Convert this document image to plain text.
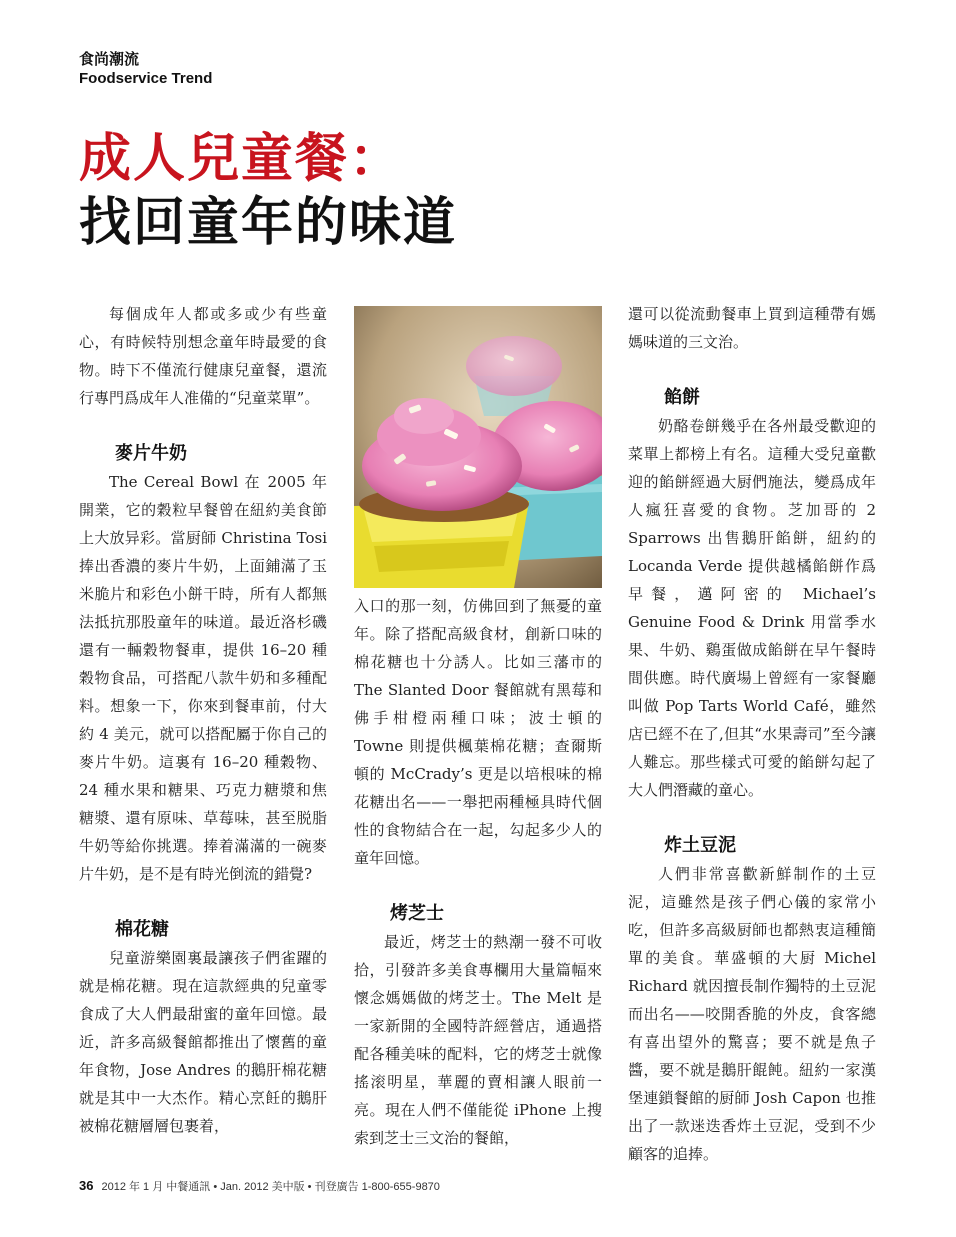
食尚潮流
Foodservice Trend
成人兒童餐：
找回童年的味道

每個成年人都或多或少有些童心，有時候特別想念童年時最愛的食物。時下不僅流行健康兒童餐，還流行專門爲成年人准備的“兒童菜單”。

麥片牛奶

The Cereal Bowl 在 2005 年開業，它的穀粒早餐曾在紐約美食節上大放异彩。當厨師 Christina Tosi 捧出香濃的麥片牛奶，上面鋪滿了玉米脆片和彩色小餅干時，所有人都無法抵抗那股童年的味道。最近洛杉磯還有一輛穀物餐車，提供 16–20 種穀物食品，可搭配八款牛奶和多種配料。想象一下，你來到餐車前，付大約 4 美元，就可以搭配屬于你自己的麥片牛奶。這裏有 16–20 種穀物、24 種水果和糖果、巧克力糖漿和焦糖漿、還有原味、草莓味，甚至脱脂牛奶等給你挑選。捧着滿滿的一碗麥片牛奶，是不是有時光倒流的錯覺?

棉花糖

兒童游樂園裏最讓孩子們雀躍的就是棉花糖。現在這款經典的兒童零食成了大人們最甜蜜的童年回憶。最近，許多高級餐館都推出了懷舊的童年食物，Jose Andres 的鵝肝棉花糖就是其中一大杰作。精心烹飪的鵝肝被棉花糖層層包裹着，

入口的那一刻，仿佛回到了無憂的童年。除了搭配高級食材，創新口味的棉花糖也十分誘人。比如三藩市的 The Slanted Door 餐館就有黑莓和佛手柑橙兩種口味；波士頓的 Towne 則提供楓葉棉花糖；查爾斯頓的 McCrady’s 更是以培根味的棉花糖出名——一舉把兩種極具時代個性的食物結合在一起，勾起多少人的童年回憶。

烤芝士

最近，烤芝士的熱潮一發不可收拾，引發許多美食專欄用大量篇幅來懷念媽媽做的烤芝士。The Melt 是一家新開的全國特許經營店，通過搭配各種美味的配料，它的烤芝士就像搖滚明星，華麗的賣相讓人眼前一亮。現在人們不僅能從 iPhone 上搜索到芝士三文治的餐館，

還可以從流動餐車上買到這種帶有媽媽味道的三文治。

餡餅

奶酪卷餅幾乎在各州最受歡迎的菜單上都榜上有名。這種大受兒童歡迎的餡餅經過大厨們施法，變爲成年人瘋狂喜愛的食物。芝加哥的 2 Sparrows 出售鵝肝餡餅，紐約的 Locanda Verde 提供越橘餡餅作爲早餐，邁阿密的 Michael’s Genuine Food & Drink 用當季水果、牛奶、鷄蛋做成餡餅在早午餐時間供應。時代廣場上曾經有一家餐廳叫做 Pop Tarts World Café，雖然店已經不在了,但其“水果壽司”至今讓人難忘。那些樣式可愛的餡餅勾起了大人們潛藏的童心。

炸土豆泥

人們非常喜歡新鮮制作的土豆泥，這雖然是孩子們心儀的家常小吃，但許多高級厨師也都熱衷這種簡單的美食。華盛頓的大厨 Michel Richard 就因擅長制作獨特的土豆泥而出名——咬開香脆的外皮，食客總有喜出望外的驚喜；要不就是魚子醬，要不就是鵝肝餛飩。紐約一家漢堡連鎖餐館的厨師 Josh Capon 也推出了一款迷迭香炸土豆泥，受到不少顧客的追捧。

36 2012 年 1 月 中餐通訊 • Jan. 2012 美中版 • 刊登廣告 1-800-655-9870
